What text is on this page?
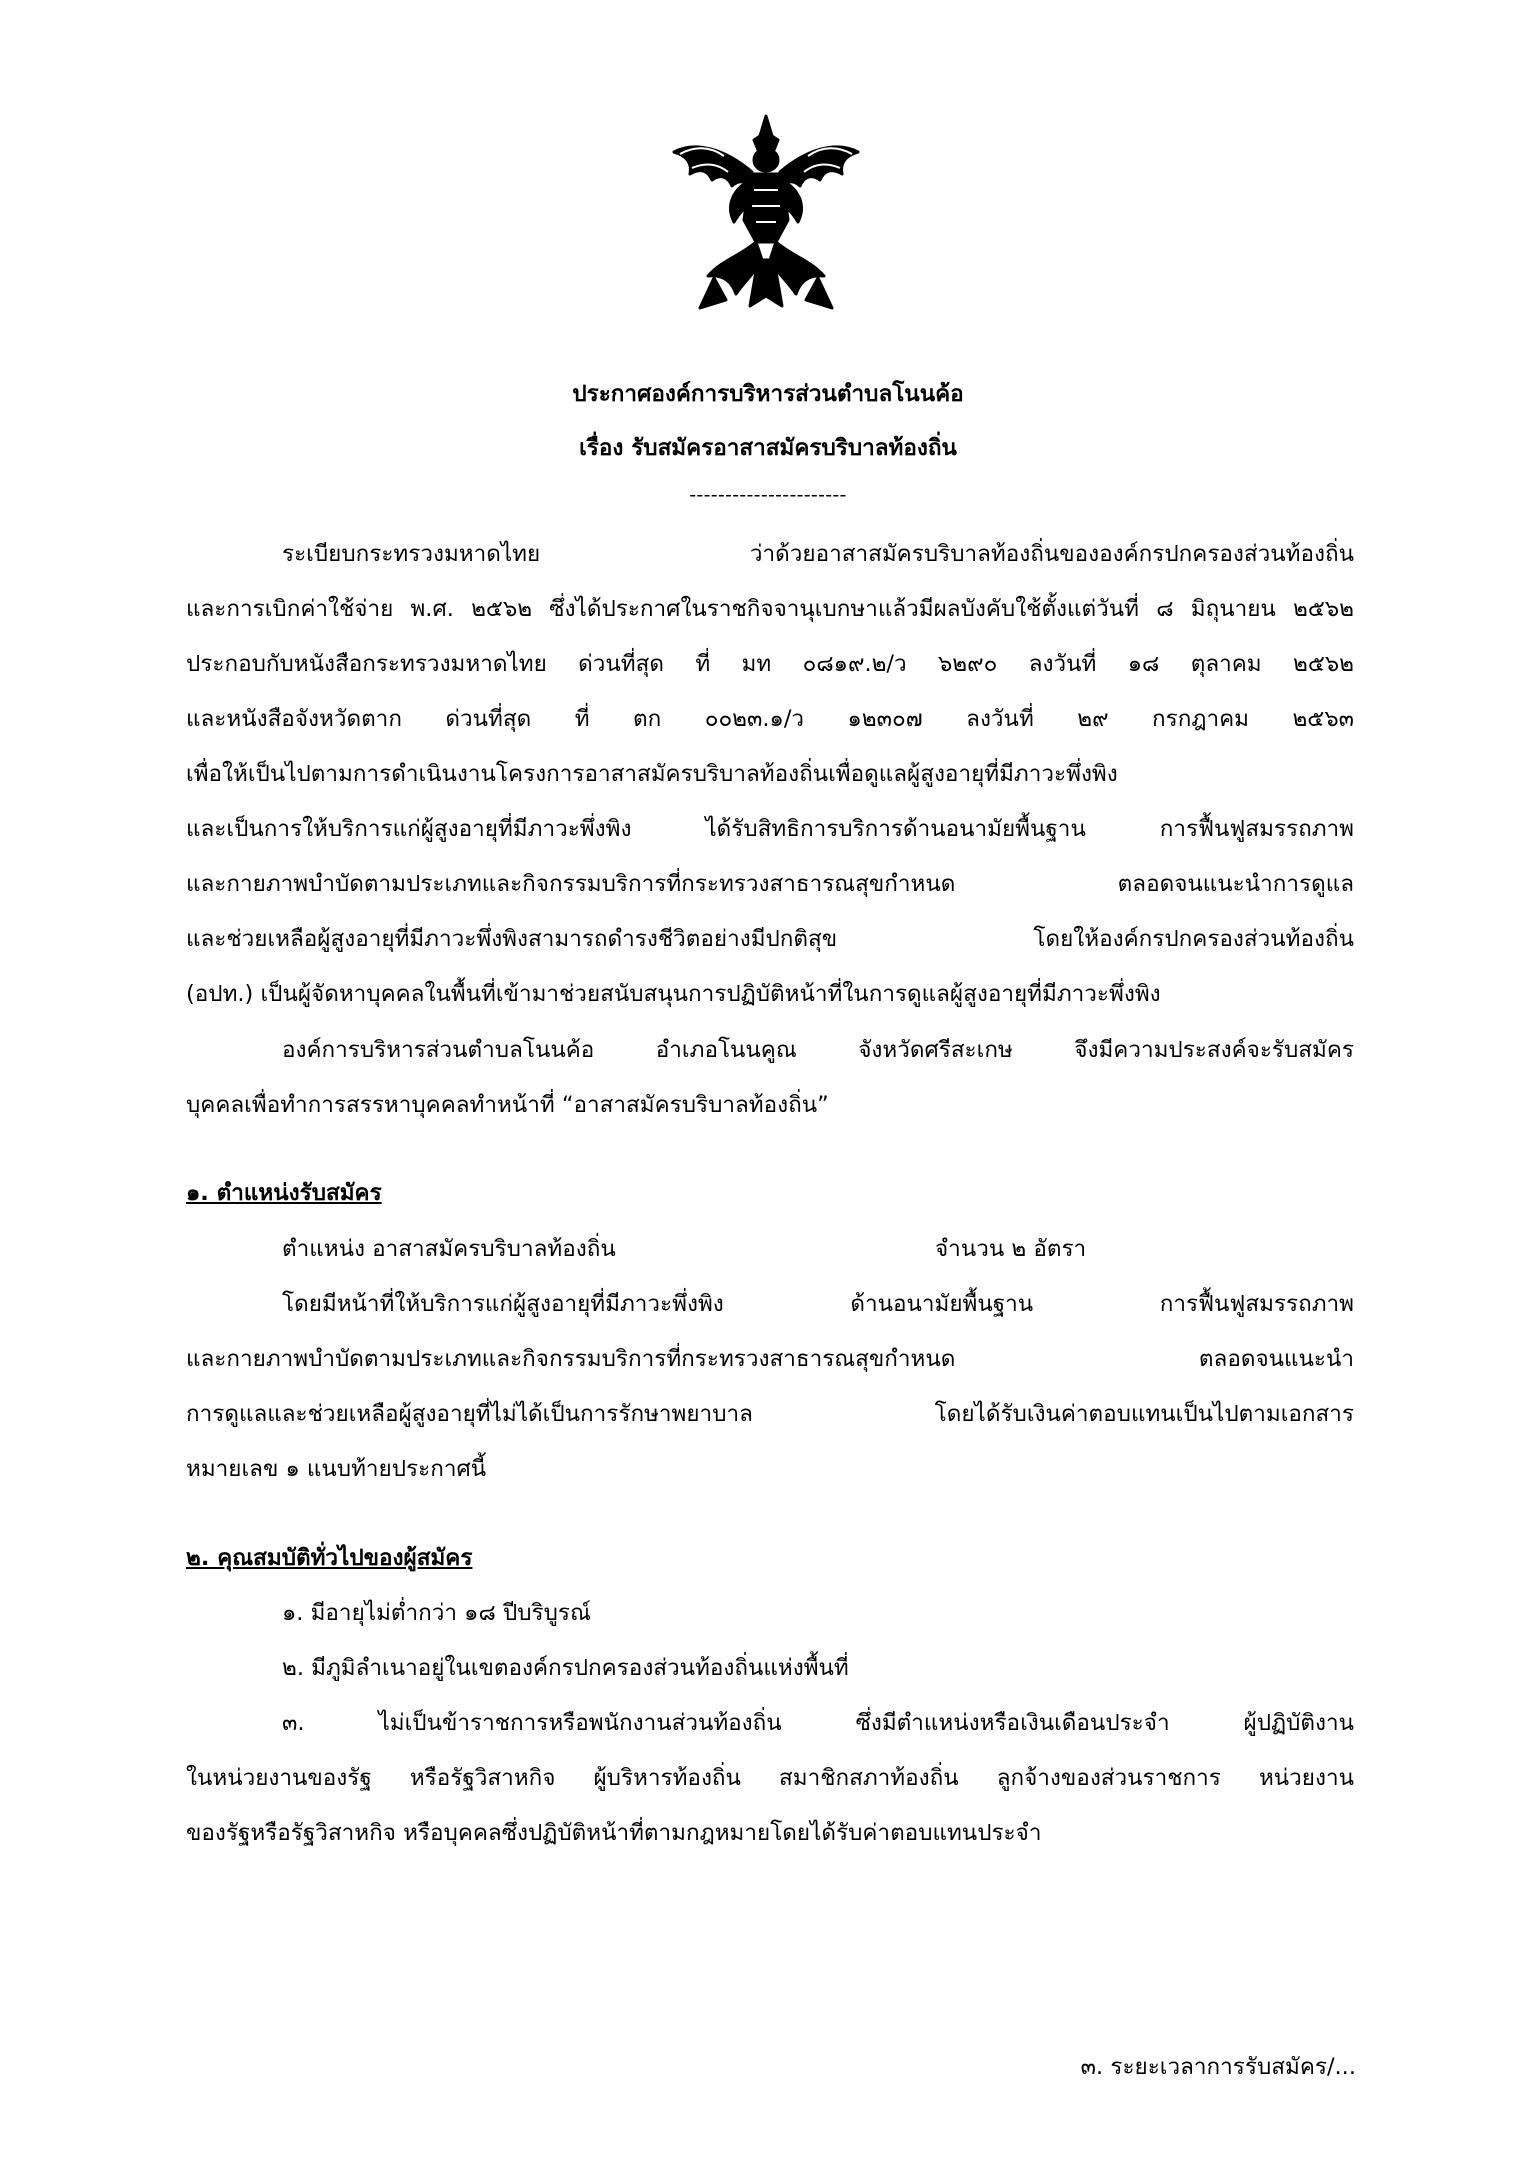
ประกาศองค์การบริหารส่วนตำบลโนนค้อ
เรื่อง รับสมัครอาสาสมัครบริบาลท้องถิ่น
----------------------

ระเบียบกระทรวงมหาดไทย ว่าด้วยอาสาสมัครบริบาลท้องถิ่นขององค์กรปกครองส่วนท้องถิ่น
และการเบิกค่าใช้จ่าย พ.ศ. ๒๕๖๒ ซึ่งได้ประกาศในราชกิจจานุเบกษาแล้วมีผลบังคับใช้ตั้งแต่วันที่ ๘ มิถุนายน ๒๕๖๒
ประกอบกับหนังสือกระทรวงมหาดไทย ด่วนที่สุด ที่ มท ๐๘๑๙.๒/ว ๖๒๙๐ ลงวันที่ ๑๘ ตุลาคม ๒๕๖๒
และหนังสือจังหวัดตาก ด่วนที่สุด ที่ ตก ๐๐๒๓.๑/ว ๑๒๓๐๗ ลงวันที่ ๒๙ กรกฎาคม ๒๕๖๓
เพื่อให้เป็นไปตามการดำเนินงานโครงการอาสาสมัครบริบาลท้องถิ่นเพื่อดูแลผู้สูงอายุที่มีภาวะพึ่งพิง
และเป็นการให้บริการแก่ผู้สูงอายุที่มีภาวะพึ่งพิง ได้รับสิทธิการบริการด้านอนามัยพื้นฐาน การฟื้นฟูสมรรถภาพ
และกายภาพบำบัดตามประเภทและกิจกรรมบริการที่กระทรวงสาธารณสุขกำหนด ตลอดจนแนะนำการดูแล
และช่วยเหลือผู้สูงอายุที่มีภาวะพึ่งพิงสามารถดำรงชีวิตอย่างมีปกติสุข โดยให้องค์กรปกครองส่วนท้องถิ่น
(อปท.) เป็นผู้จัดหาบุคคลในพื้นที่เข้ามาช่วยสนับสนุนการปฏิบัติหน้าที่ในการดูแลผู้สูงอายุที่มีภาวะพึ่งพิง

องค์การบริหารส่วนตำบลโนนค้อ อำเภอโนนคูณ จังหวัดศรีสะเกษ จึงมีความประสงค์จะรับสมัคร
บุคคลเพื่อทำการสรรหาบุคคลทำหน้าที่ “อาสาสมัครบริบาลท้องถิ่น”

๑. ตำแหน่งรับสมัคร
ตำแหน่ง อาสาสมัครบริบาลท้องถิ่น	จำนวน ๒ อัตรา

โดยมีหน้าที่ให้บริการแก่ผู้สูงอายุที่มีภาวะพึ่งพิง ด้านอนามัยพื้นฐาน การฟื้นฟูสมรรถภาพ
และกายภาพบำบัดตามประเภทและกิจกรรมบริการที่กระทรวงสาธารณสุขกำหนด ตลอดจนแนะนำ
การดูแลและช่วยเหลือผู้สูงอายุที่ไม่ได้เป็นการรักษาพยาบาล โดยได้รับเงินค่าตอบแทนเป็นไปตามเอกสาร
หมายเลข ๑ แนบท้ายประกาศนี้

๒. คุณสมบัติทั่วไปของผู้สมัคร
๑. มีอายุไม่ต่ำกว่า ๑๘ ปีบริบูรณ์
๒. มีภูมิลำเนาอยู่ในเขตองค์กรปกครองส่วนท้องถิ่นแห่งพื้นที่

๓. ไม่เป็นข้าราชการหรือพนักงานส่วนท้องถิ่น ซึ่งมีตำแหน่งหรือเงินเดือนประจำ ผู้ปฏิบัติงาน
ในหน่วยงานของรัฐ หรือรัฐวิสาหกิจ ผู้บริหารท้องถิ่น สมาชิกสภาท้องถิ่น ลูกจ้างของส่วนราชการ หน่วยงาน
ของรัฐหรือรัฐวิสาหกิจ หรือบุคคลซึ่งปฏิบัติหน้าที่ตามกฎหมายโดยได้รับค่าตอบแทนประจำ

๓. ระยะเวลาการรับสมัคร/...
